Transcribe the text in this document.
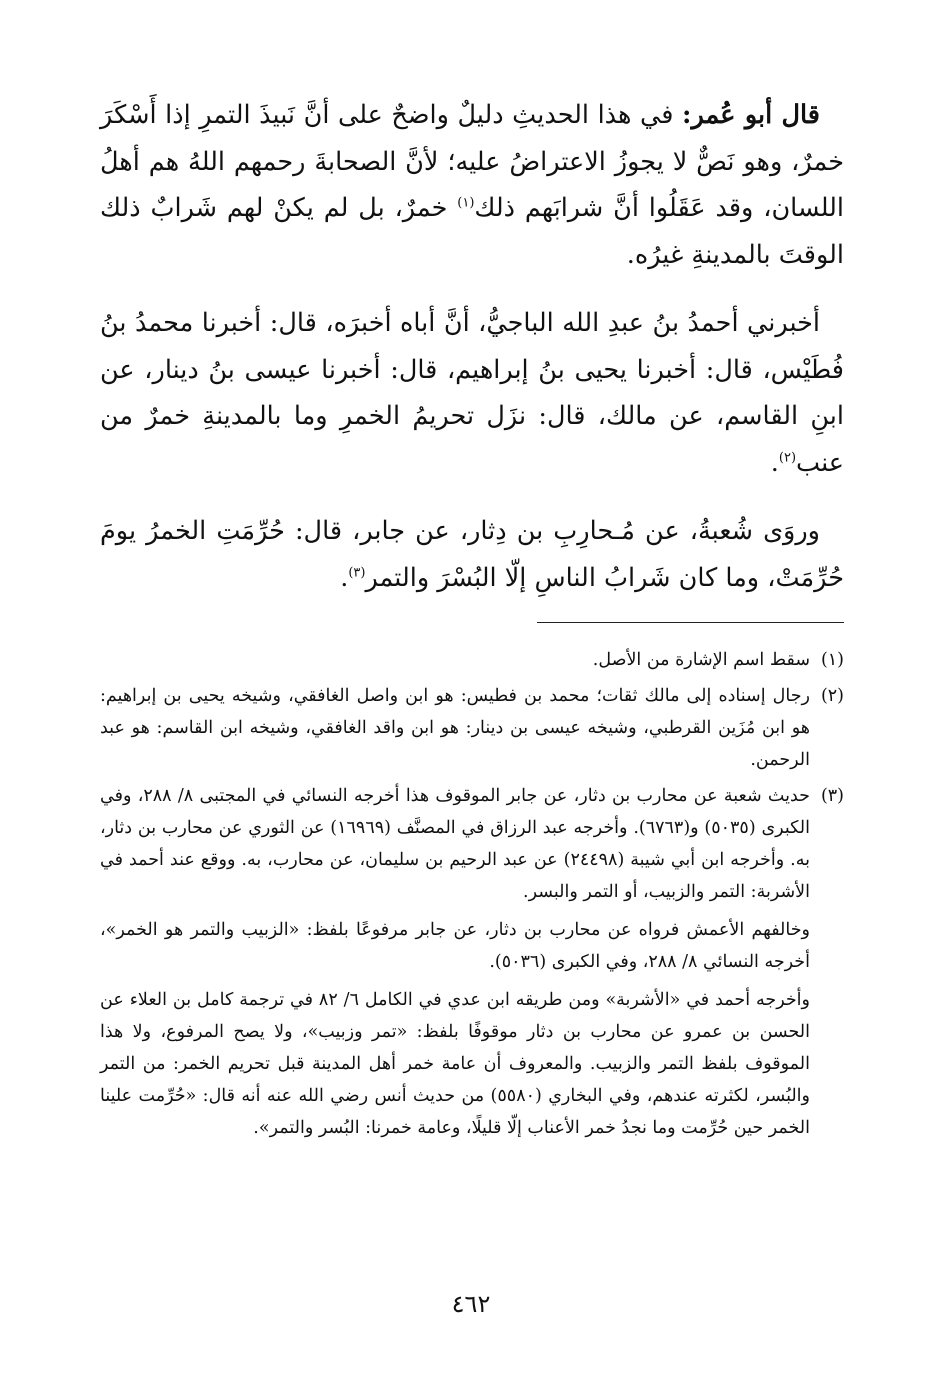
قال أبو عُمر: في هذا الحديثِ دليلٌ واضحٌ على أنَّ نَبيذَ التمرِ إذا أَسْكَرَ خمرٌ، وهو نَصٌّ لا يجوزُ الاعتراضُ عليه؛ لأنَّ الصحابةَ رحمهم اللهُ هم أهلُ اللسان، وقد عَقَلُوا أنَّ شرابَهم ذلك$^{(١)}$ خمرٌ، بل لم يكنْ لهم شَرابٌ ذلك الوقتَ بالمدينةِ غيرُه.

أخبرني أحمدُ بنُ عبدِ الله الباجيُّ، أنَّ أباه أخبرَه، قال: أخبرنا محمدُ بنُ فُطَيْس، قال: أخبرنا يحيى بنُ إبراهيم، قال: أخبرنا عيسى بنُ دينار، عن ابنِ القاسم، عن مالك، قال: نزَل تحريمُ الخمرِ وما بالمدينةِ خمرٌ من عنب$^{(٢)}$.

وروَى شُعبةُ، عن مُـحارِبِ بن دِثار، عن جابر، قال: حُرِّمَتِ الخمرُ يومَ حُرِّمَتْ، وما كان شَرابُ الناسِ إلّا البُسْرَ والتمر$^{(٣)}$.

(١)

سقط اسم الإشارة من الأصل.

(٢)

رجال إسناده إلى مالك ثقات؛ محمد بن فطيس: هو ابن واصل الغافقي، وشيخه يحيى بن إبراهيم: هو ابن مُزَين القرطبي، وشيخه عيسى بن دينار: هو ابن واقد الغافقي، وشيخه ابن القاسم: هو عبد الرحمن.

(٣)

حديث شعبة عن محارب بن دثار، عن جابر الموقوف هذا أخرجه النسائي في المجتبى ٨/ ٢٨٨، وفي الكبرى (٥٠٣٥) و(٦٧٦٣). وأخرجه عبد الرزاق في المصنَّف (١٦٩٦٩) عن الثوري عن محارب بن دثار، به. وأخرجه ابن أبي شيبة (٢٤٤٩٨) عن عبد الرحيم بن سليمان، عن محارب، به. ووقع عند أحمد في الأشربة: التمر والزبيب، أو التمر والبسر.

وخالفهم الأعمش فرواه عن محارب بن دثار، عن جابر مرفوعًا بلفظ: «الزبيب والتمر هو الخمر»، أخرجه النسائي ٨/ ٢٨٨، وفي الكبرى (٥٠٣٦).

وأخرجه أحمد في «الأشربة» ومن طريقه ابن عدي في الكامل ٦/ ٨٢ في ترجمة كامل بن العلاء عن الحسن بن عمرو عن محارب بن دثار موقوفًا بلفظ: «تمر وزبيب»، ولا يصح المرفوع، ولا هذا الموقوف بلفظ التمر والزبيب. والمعروف أن عامة خمر أهل المدينة قبل تحريم الخمر: من التمر والبُسر، لكثرته عندهم، وفي البخاري (٥٥٨٠) من حديث أنس رضي الله عنه أنه قال: «حُرِّمت علينا الخمر حين حُرِّمت وما نجدُ خمر الأعناب إلّا قليلًا، وعامة خمرنا: البُسر والتمر».

٤٦٢
